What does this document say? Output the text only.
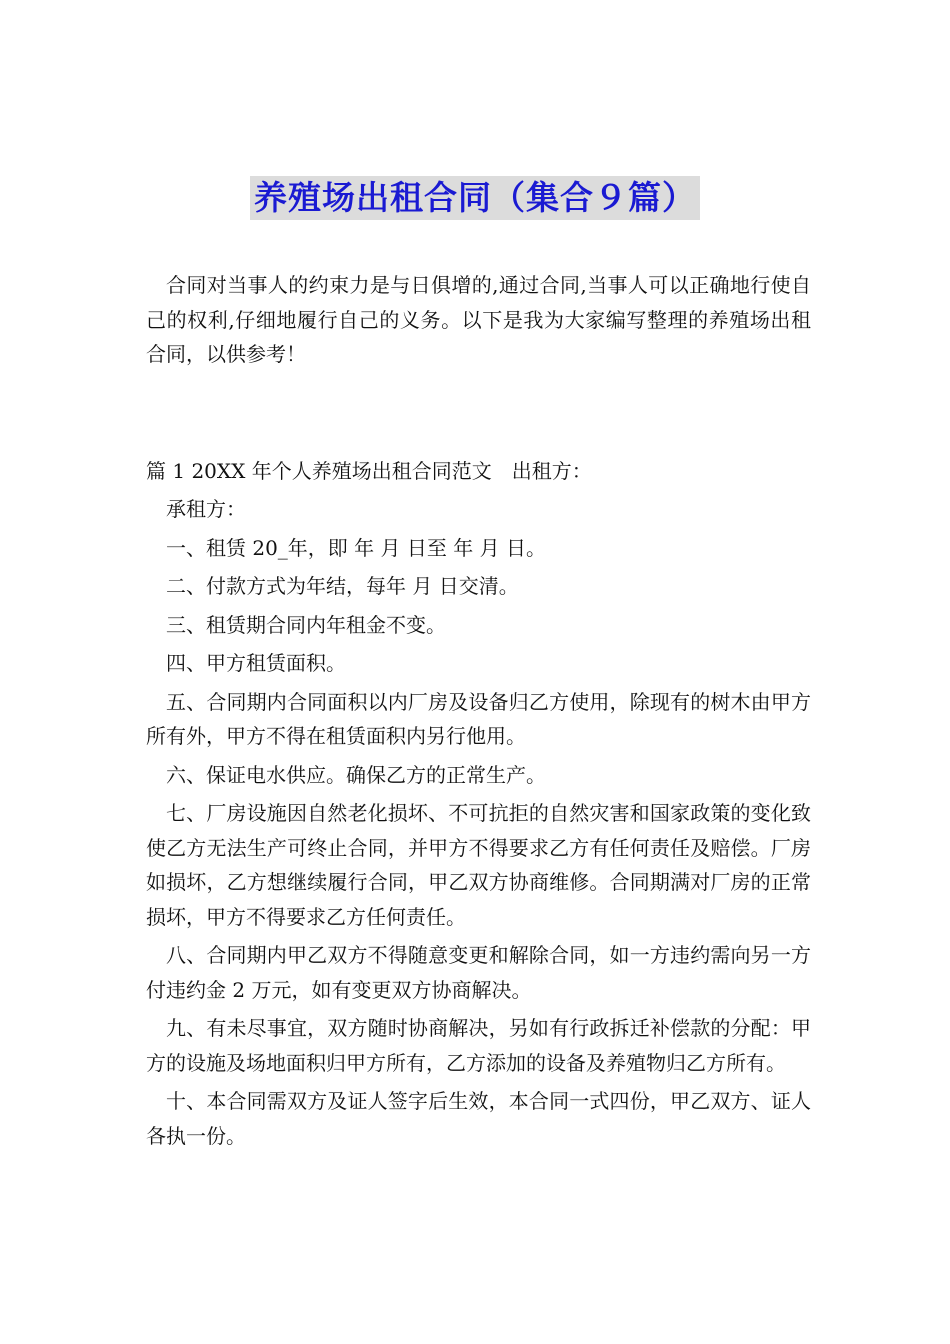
养殖场出租合同（集合９篇）

合同对当事人的约束力是与日俱增的,通过合同,当事人可以正确地行使自己的权利,仔细地履行自己的义务。以下是我为大家编写整理的养殖场出租合同，以供参考！

篇 1 20XX 年个人养殖场出租合同范文　出租方：

承租方：

一、租赁 20_年，即 年 月 日至 年 月 日。

二、付款方式为年结，每年 月 日交清。

三、租赁期合同内年租金不变。

四、甲方租赁面积。

五、合同期内合同面积以内厂房及设备归乙方使用，除现有的树木由甲方所有外，甲方不得在租赁面积内另行他用。

六、保证电水供应。确保乙方的正常生产。

七、厂房设施因自然老化损坏、不可抗拒的自然灾害和国家政策的变化致使乙方无法生产可终止合同，并甲方不得要求乙方有任何责任及赔偿。厂房如损坏，乙方想继续履行合同，甲乙双方协商维修。合同期满对厂房的正常损坏，甲方不得要求乙方任何责任。

八、合同期内甲乙双方不得随意变更和解除合同，如一方违约需向另一方付违约金 2 万元，如有变更双方协商解决。

九、有未尽事宜，双方随时协商解决，另如有行政拆迁补偿款的分配：甲方的设施及场地面积归甲方所有，乙方添加的设备及养殖物归乙方所有。

十、本合同需双方及证人签字后生效，本合同一式四份，甲乙双方、证人各执一份。
